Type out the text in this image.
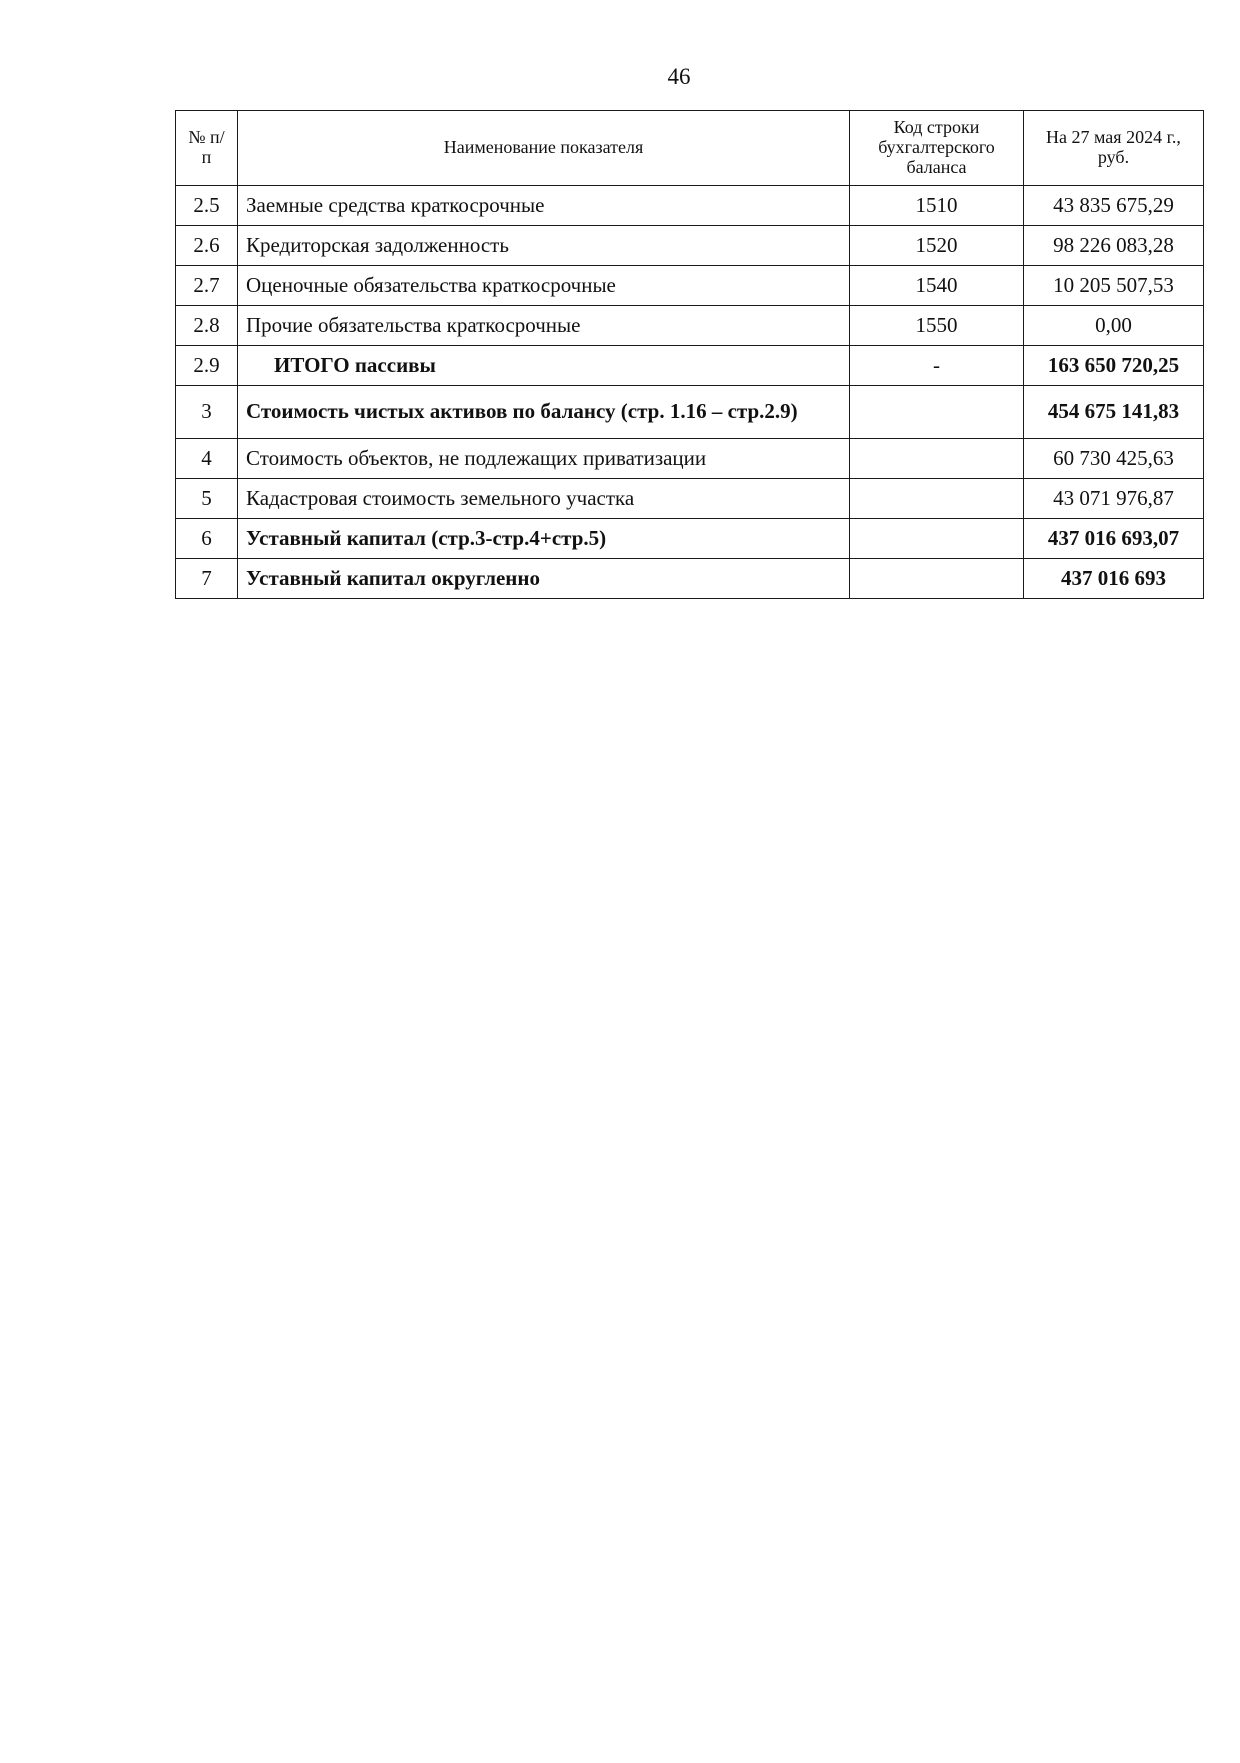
46
№ п/п	Наименование показателя	Код строки бухгалтерского баланса	На 27 мая 2024 г., руб.
2.5	Заемные средства краткосрочные	1510	43 835 675,29
2.6	Кредиторская задолженность	1520	98 226 083,28
2.7	Оценочные обязательства краткосрочные	1540	10 205 507,53
2.8	Прочие обязательства краткосрочные	1550	0,00
2.9	ИТОГО пассивы	-	163 650 720,25
3	Стоимость чистых активов по балансу (стр. 1.16 – стр.2.9)		454 675 141,83
4	Стоимость объектов, не подлежащих приватизации		60 730 425,63
5	Кадастровая стоимость земельного участка		43 071 976,87
6	Уставный капитал (стр.3-стр.4+стр.5)		437 016 693,07
7	Уставный капитал округленно		437 016 693
